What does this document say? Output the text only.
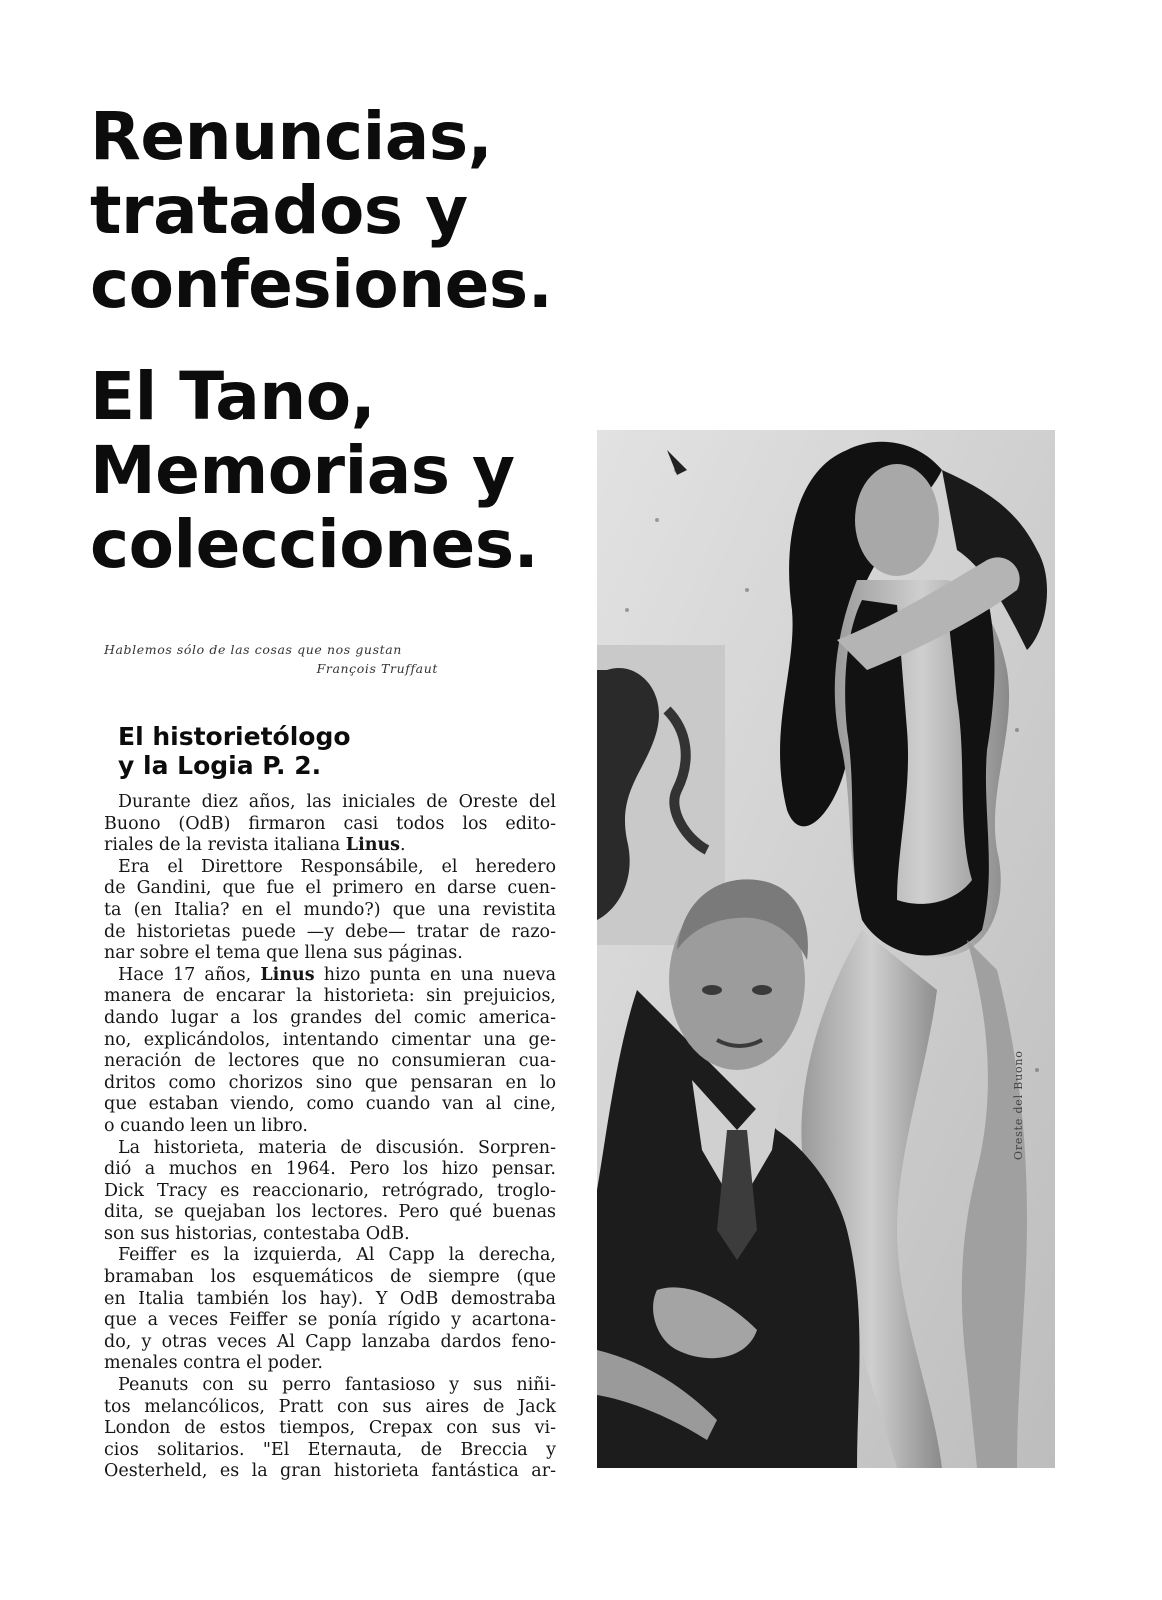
Renuncias,
tratados y
confesiones.
El Tano,
Memorias y
colecciones.
Hablemos sólo de las cosas que nos gustan
François Truffaut
El historietólogo
y la Logia P. 2.
Durante diez años, las iniciales de Oreste del
Buono (OdB) firmaron casi todos los edito-
riales de la revista italiana Linus.
Era el Direttore Responsábile, el heredero
de Gandini, que fue el primero en darse cuen-
ta (en Italia? en el mundo?) que una revistita
de historietas puede —y debe— tratar de razo-
nar sobre el tema que llena sus páginas.
Hace 17 años, Linus hizo punta en una nueva
manera de encarar la historieta: sin prejuicios,
dando lugar a los grandes del comic america-
no, explicándolos, intentando cimentar una ge-
neración de lectores que no consumieran cua-
dritos como chorizos sino que pensaran en lo
que estaban viendo, como cuando van al cine,
o cuando leen un libro.
La historieta, materia de discusión. Sorpren-
dió a muchos en 1964. Pero los hizo pensar.
Dick Tracy es reaccionario, retrógrado, troglo-
dita, se quejaban los lectores. Pero qué buenas
son sus historias, contestaba OdB.
Feiffer es la izquierda, Al Capp la derecha,
bramaban los esquemáticos de siempre (que
en Italia también los hay). Y OdB demostraba
que a veces Feiffer se ponía rígido y acartona-
do, y otras veces Al Capp lanzaba dardos feno-
menales contra el poder.
Peanuts con su perro fantasioso y sus niñi-
tos melancólicos, Pratt con sus aires de Jack
London de estos tiempos, Crepax con sus vi-
cios solitarios. "El Eternauta, de Breccia y
Oesterheld, es la gran historieta fantástica ar-
Oreste del Buono
